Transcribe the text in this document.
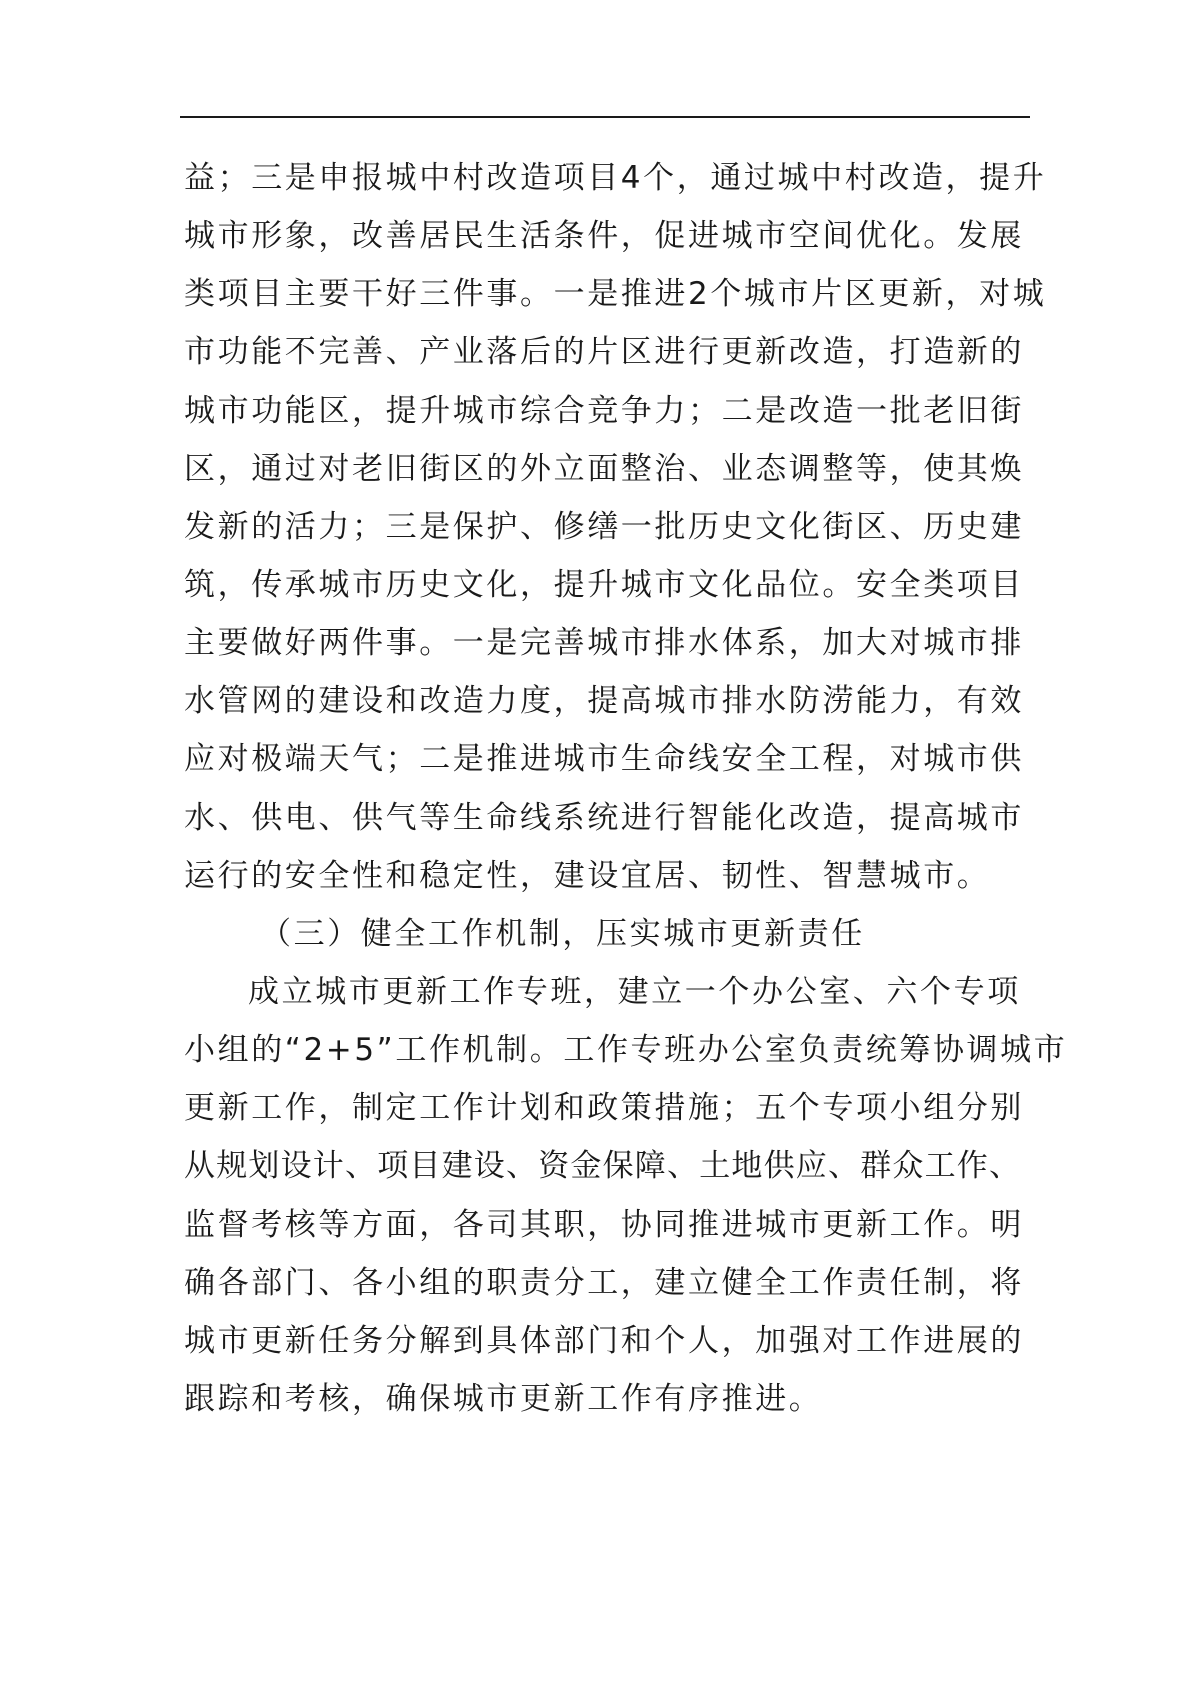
益；三是申报城中村改造项目4个，通过城中村改造，提升
城市形象，改善居民生活条件，促进城市空间优化。发展
类项目主要干好三件事。一是推进2个城市片区更新，对城
市功能不完善、产业落后的片区进行更新改造，打造新的
城市功能区，提升城市综合竞争力；二是改造一批老旧街
区，通过对老旧街区的外立面整治、业态调整等，使其焕
发新的活力；三是保护、修缮一批历史文化街区、历史建
筑，传承城市历史文化，提升城市文化品位。安全类项目
主要做好两件事。一是完善城市排水体系，加大对城市排
水管网的建设和改造力度，提高城市排水防涝能力，有效
应对极端天气；二是推进城市生命线安全工程，对城市供
水、供电、供气等生命线系统进行智能化改造，提高城市
运行的安全性和稳定性，建设宜居、韧性、智慧城市。
（三）健全工作机制，压实城市更新责任
成立城市更新工作专班，建立一个办公室、六个专项
小组的“2+5”工作机制。工作专班办公室负责统筹协调城市
更新工作，制定工作计划和政策措施；五个专项小组分别
从规划设计、项目建设、资金保障、土地供应、群众工作、
监督考核等方面，各司其职，协同推进城市更新工作。明
确各部门、各小组的职责分工，建立健全工作责任制，将
城市更新任务分解到具体部门和个人，加强对工作进展的
跟踪和考核，确保城市更新工作有序推进。
